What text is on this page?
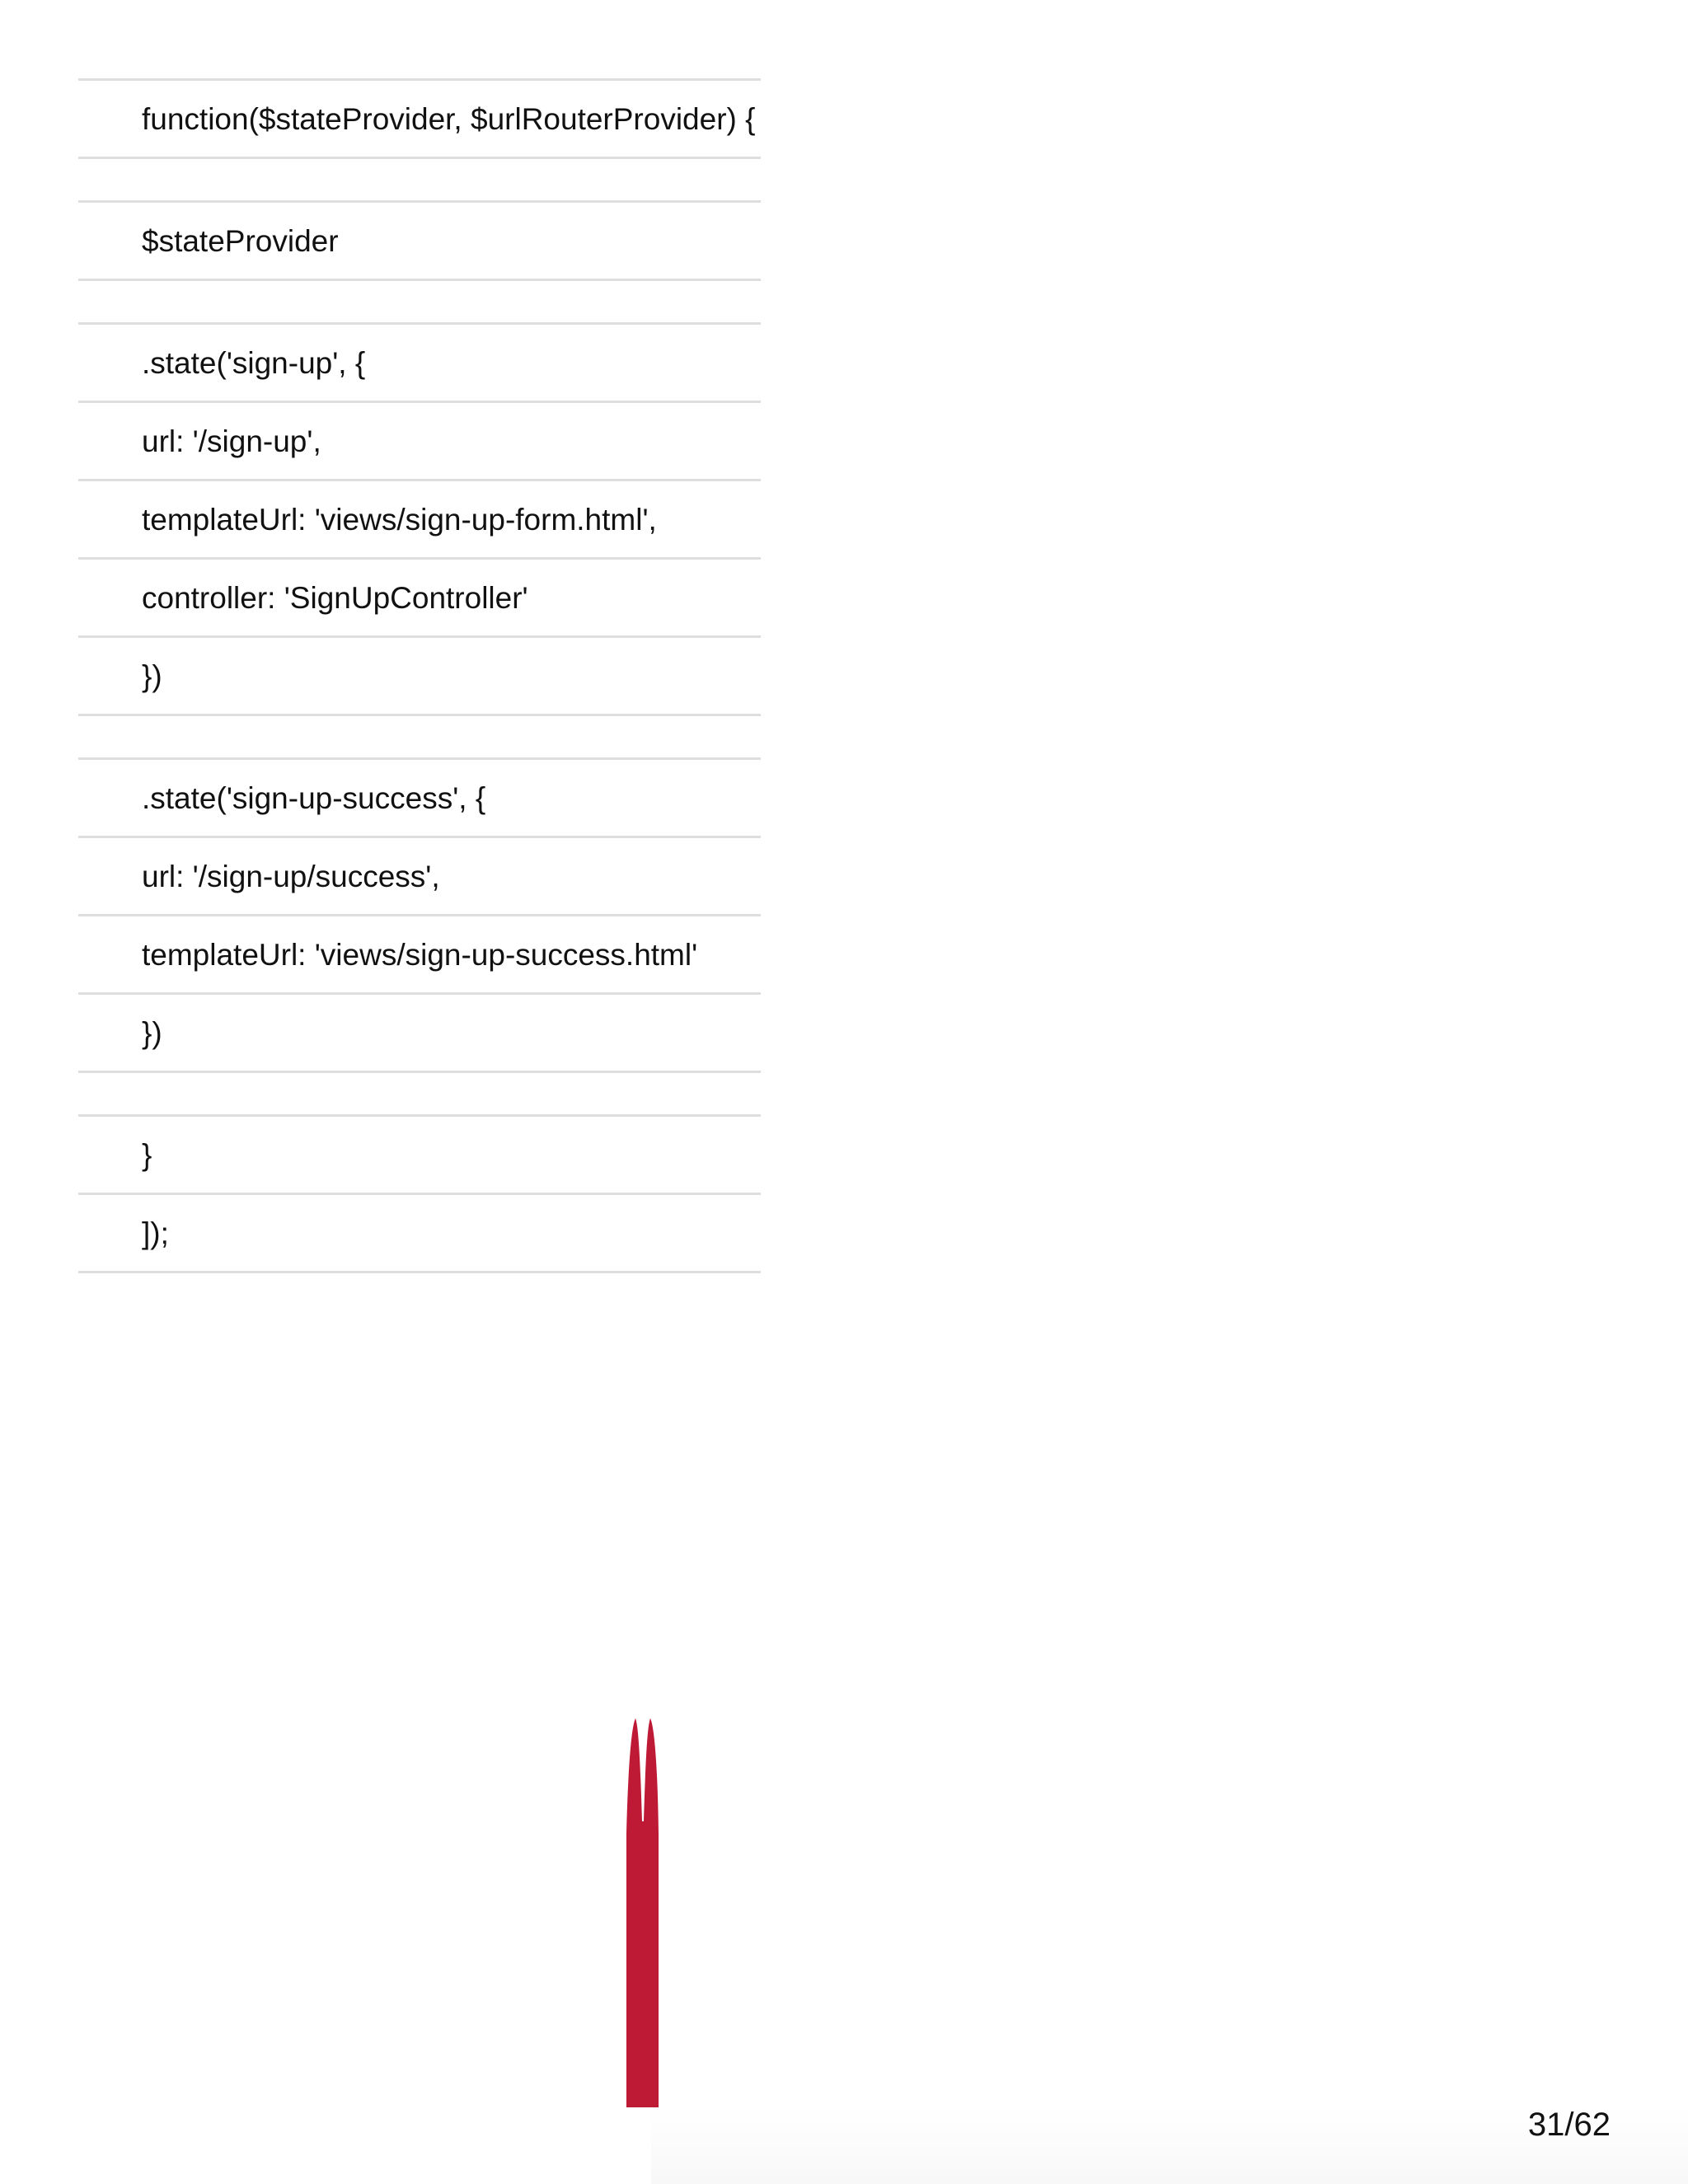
function($stateProvider, $urlRouterProvider) {
$stateProvider
.state('sign-up', {
url: '/sign-up',
templateUrl: 'views/sign-up-form.html',
controller: 'SignUpController'
})
.state('sign-up-success', {
url: '/sign-up/success',
templateUrl: 'views/sign-up-success.html'
})
}
]);
31/62
